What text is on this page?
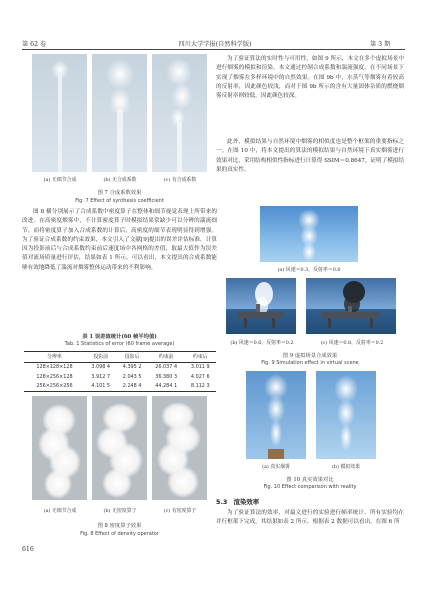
第 62 卷	四川大学学报(自然科学版)	第 3 期
(a) 无细节合成	(b) 无合成系数	(c) 有合成系数
图 7 合成系数效果
Fig. 7 Effect of synthesis coefficient
图 8 横分别展示了合成系数中密度算子在整体和细节视觉表现上所带来的改进。在高密度烟雾中，不计算密度算子时模拟结果常缺少可以分辨的湍流细节。而将密度算子加入合成系数的计算后，高密度的细节表现明显得到增强。为了验证合成系数的约束效果，本文引入了文献[9]提出的误差评估标准，计算因为投影前后与合成系数约束前后速度场中各网格的差值，取最大值作为误差值对流场质量进行评估，结果如表 1 所示。可以看出，本文提出的合成系数能够有效地降低了湍流对烟雾整体运动带来的不利影响。
表 1 误差值统计(60 帧平均值)
Tab. 1 Statistics of error (60 frame average)
分辨率	投影前	投影后	约束前	约束后
128×128×128	3.098 4	4.395 2	26.037 4	3.011 9
128×256×128	3.912 7	2.043 5	36.380 3	4.027 6
256×256×256	4.101 5	2.248 4	44.284 1	8.112 3
(a) 无细节合成	(b) 无密度算子	(c) 有密度算子
图 8 密度算子效果
Fig. 8 Effect of density operator
616
为了验证算法的实时性与可用性，如图 9 所示，本文在多个虚拟场景中进行烟雾的模拟和渲染。本文通过控制合成系数和湍流强度，在不同场景下实现了烟雾在多样环境中的自然效果。在图 9b 中，水蒸气等烟雾有着较高的反射率，因此颜色较浅，而对于图 9b 所示的含有大量固体杂质的燃烧烟雾反射率则较低，因此颜色较深。
此外，模拟结果与自然环境中烟雾的相似度也是整个框架的重要指标之一。在图 10 中，将本文提出的算法的模拟结果与自然环境下真实烟雾进行效果对比，采用结构相似性指标进行计算得 SSIM＝0.8647，证明了模拟结果的真实性。
(a) 风速＝0.3，反射率＝0.6
(b) 风速＝0.6，反射率＝0.2	(c) 风速＝0.8，反射率＝0.2
图 9 虚拟场景合成效果
Fig. 9 Simulation effect in virtual scene
(a) 真实烟雾	(b) 模拟效果
图 10 真实效果对比
Fig. 10 Effect comparison with reality
5.3 渲染效率
为了验证算法的效率，对最文进行的实验进行帧率统计。所有实验均在并行框架下完成，其结果如表 2 所示。根据表 2 数据可以看出，在图 6 所
